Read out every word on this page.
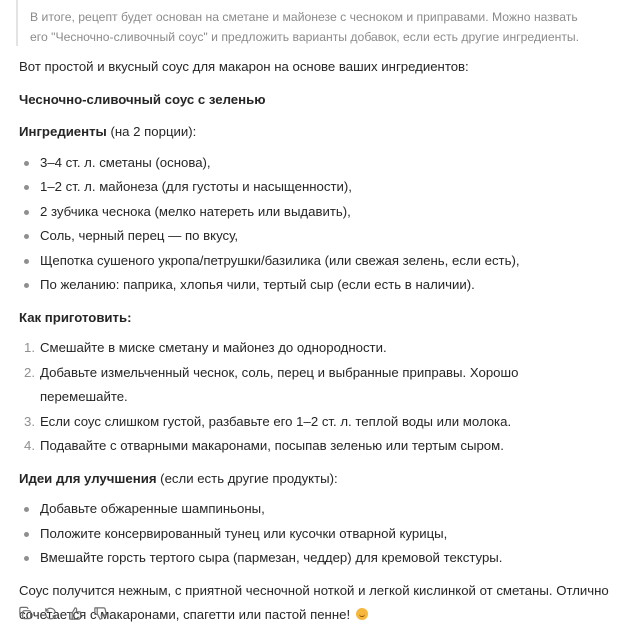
В итоге, рецепт будет основан на сметане и майонезе с чесноком и приправами. Можно назвать его "Чесночно-сливочный соус" и предложить варианты добавок, если есть другие ингредиенты.

Вот простой и вкусный соус для макарон на основе ваших ингредиентов:

Чесночно-сливочный соус с зеленью

Ингредиенты (на 2 порции):

3–4 ст. л. сметаны (основа),
1–2 ст. л. майонеза (для густоты и насыщенности),
2 зубчика чеснока (мелко натереть или выдавить),
Соль, черный перец — по вкусу,
Щепотка сушеного укропа/петрушки/базилика (или свежая зелень, если есть),
По желанию: паприка, хлопья чили, тертый сыр (если есть в наличии).

Как приготовить:

1. Смешайте в миске сметану и майонез до однородности.
2. Добавьте измельченный чеснок, соль, перец и выбранные приправы. Хорошо перемешайте.
3. Если соус слишком густой, разбавьте его 1–2 ст. л. теплой воды или молока.
4. Подавайте с отварными макаронами, посыпав зеленью или тертым сыром.

Идеи для улучшения (если есть другие продукты):

Добавьте обжаренные шампиньоны,
Положите консервированный тунец или кусочки отварной курицы,
Вмешайте горсть тертого сыра (пармезан, чеддер) для кремовой текстуры.

Соус получится нежным, с приятной чесночной ноткой и легкой кислинкой от сметаны. Отлично сочетается с макаронами, спагетти или пастой пенне!
